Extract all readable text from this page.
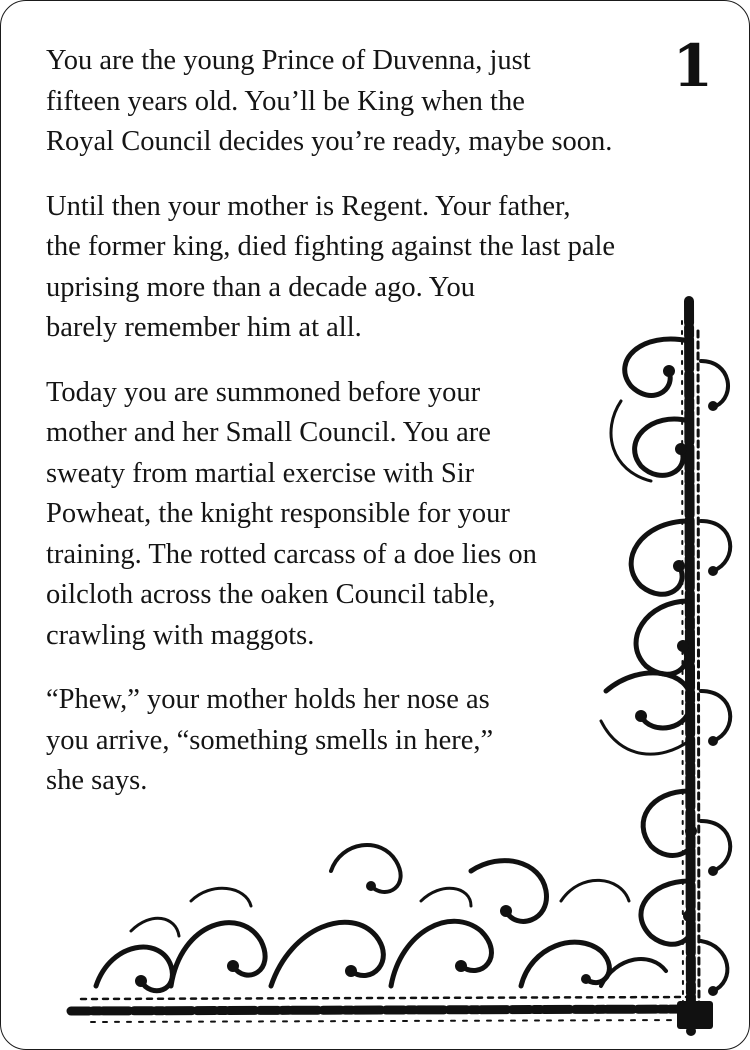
1

You are the young Prince of Duvenna, just
fifteen years old. You’ll be King when the
Royal Council decides you’re ready, maybe soon.

Until then your mother is Regent. Your father,
the former king, died fighting against the last pale
uprising more than a decade ago. You
barely remember him at all.

Today you are summoned before your
mother and her Small Council. You are
sweaty from martial exercise with Sir
Powheat, the knight responsible for your
training. The rotted carcass of a doe lies on
oilcloth across the oaken Council table,
crawling with maggots.

“Phew,” your mother holds her nose as
you arrive, “something smells in here,”
she says.
